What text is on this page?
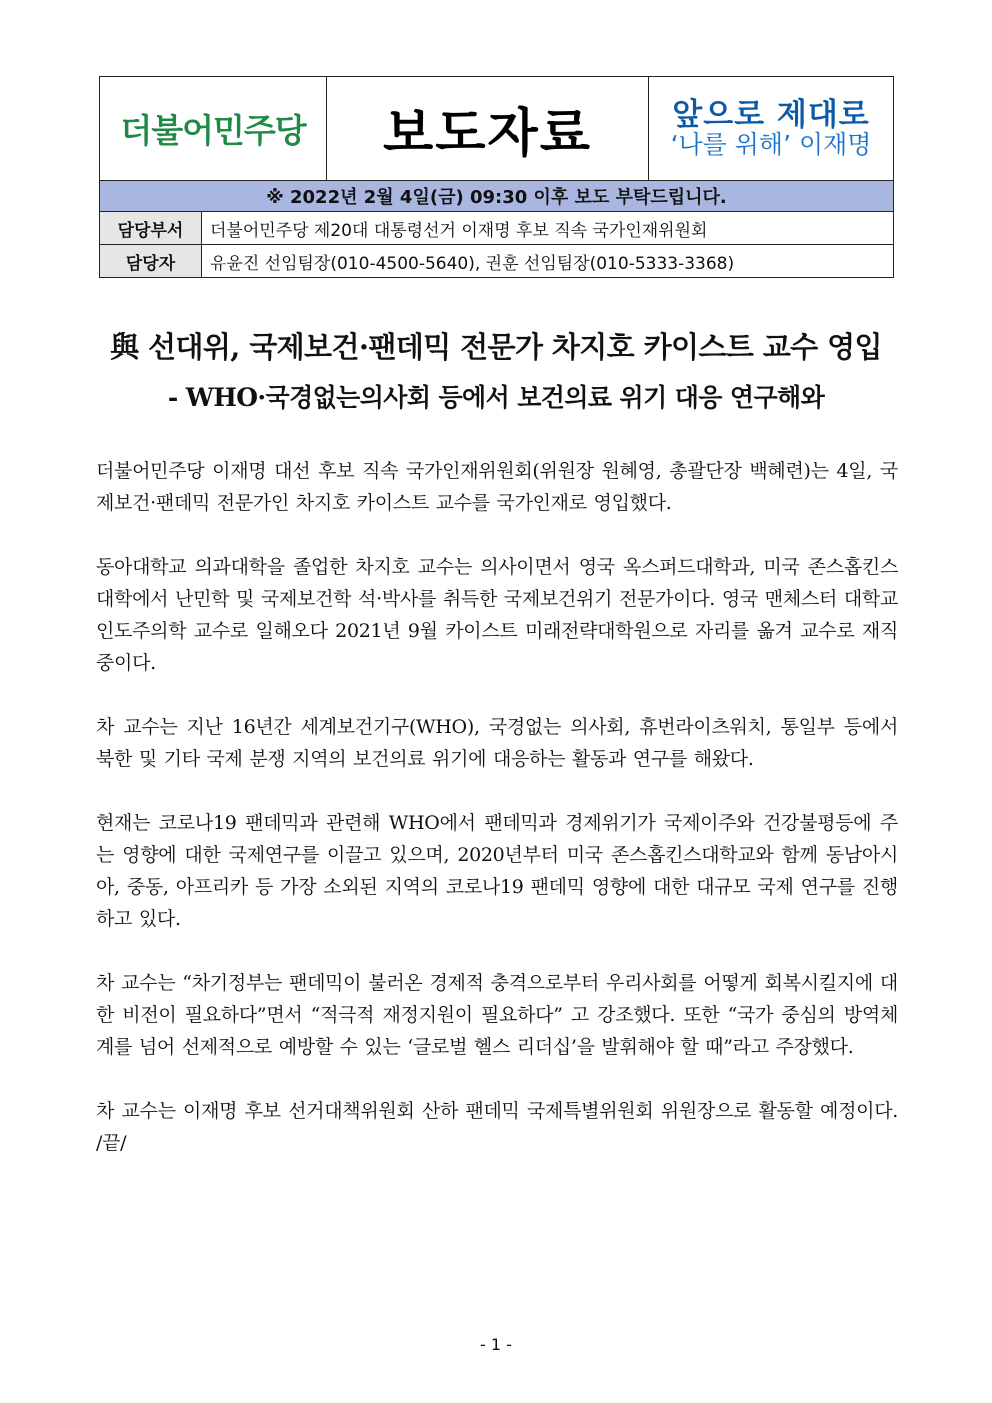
더불어민주당		보도자료	앞으로 제대로
‘나를 위해’ 이재명

※ 2022년 2월 4일(금) 09:30 이후 보도 부탁드립니다.			
담당부서	더불어민주당 제20대 대통령선거 이재명 후보 직속 국가인재위원회		
담당자	유윤진 선임팀장(010-4500-5640), 권훈 선임팀장(010-5333-3368)		
與 선대위, 국제보건·팬데믹 전문가 차지호 카이스트 교수 영입
- WHO·국경없는의사회 등에서 보건의료 위기 대응 연구해와

더불어민주당 이재명 대선 후보 직속 국가인재위원회(위원장 원혜영, 총괄단장 백혜련)는 4일, 국제보건·팬데믹 전문가인 차지호 카이스트 교수를 국가인재로 영입했다.

동아대학교 의과대학을 졸업한 차지호 교수는 의사이면서 영국 옥스퍼드대학과, 미국 존스홉킨스대학에서 난민학 및 국제보건학 석·박사를 취득한 국제보건위기 전문가이다. 영국 맨체스터 대학교 인도주의학 교수로 일해오다 2021년 9월 카이스트 미래전략대학원으로 자리를 옮겨 교수로 재직 중이다.

차 교수는 지난 16년간 세계보건기구(WHO), 국경없는 의사회, 휴번라이츠워치, 통일부 등에서 북한 및 기타 국제 분쟁 지역의 보건의료 위기에 대응하는 활동과 연구를 해왔다.

현재는 코로나19 팬데믹과 관련해 WHO에서 팬데믹과 경제위기가 국제이주와 건강불평등에 주는 영향에 대한 국제연구를 이끌고 있으며, 2020년부터 미국 존스홉킨스대학교와 함께 동남아시아, 중동, 아프리카 등 가장 소외된 지역의 코로나19 팬데믹 영향에 대한 대규모 국제 연구를 진행하고 있다.

차 교수는 “차기정부는 팬데믹이 불러온 경제적 충격으로부터 우리사회를 어떻게 회복시킬지에 대한 비전이 필요하다”면서 “적극적 재정지원이 필요하다” 고 강조했다. 또한 “국가 중심의 방역체계를 넘어 선제적으로 예방할 수 있는 ‘글로벌 헬스 리더십’을 발휘해야 할 때”라고 주장했다.

차 교수는 이재명 후보 선거대책위원회 산하 팬데믹 국제특별위원회 위원장으로 활동할 예정이다. /끝/

- 1 -
